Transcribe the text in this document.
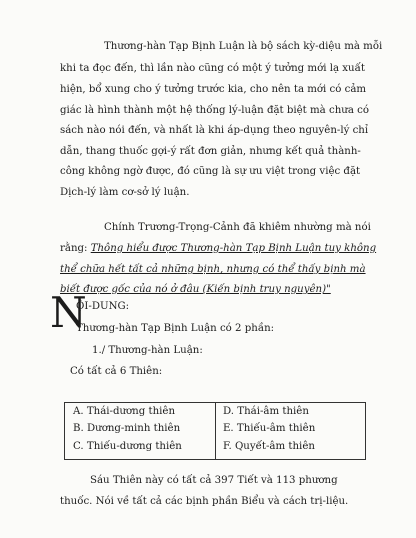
Thương-hàn Tạp Bịnh Luận là bộ sách kỳ-diệu mà mỗi
khi ta đọc đến, thì lần nào cũng có một ý tưởng mới lạ xuất
hiện, bổ xung cho ý tưởng trước kia, cho nên ta mới có cảm
giác là hình thành một hệ thống lý-luận đặt biệt mà chưa có
sách nào nói đến, và nhất là khi áp-dụng theo nguyên-lý chỉ
dẫn, thang thuốc gợi-ý rất đơn giản, nhưng kết quả thành-
công không ngờ được, đó cũng là sự ưu việt trong việc đặt
Dịch-lý làm cơ-sở lý luận.
Chính Trương-Trọng-Cảnh đã khiêm nhường mà nói
rằng: Thông hiểu được Thương-hàn Tạp Bịnh Luận tuy không
thể chữa hết tất cả những bịnh, nhưng có thể thấy bịnh mà
biết được gốc của nó ở đâu (Kiến bịnh truy nguyên)"
N
ỘI-DUNG:
Thương-hàn Tạp Bịnh Luận có 2 phần:
1./ Thương-hàn Luận:
Có tất cả 6 Thiên:
A. Thái-dương thiên
B. Dương-minh thiên
C. Thiếu-dương thiên
D. Thái-âm thiên
E. Thiếu-âm thiên
F. Quyết-âm thiên
Sáu Thiên này có tất cả 397 Tiết và 113 phương
thuốc. Nói về tất cả các bịnh phần Biểu và cách trị-liệu.
